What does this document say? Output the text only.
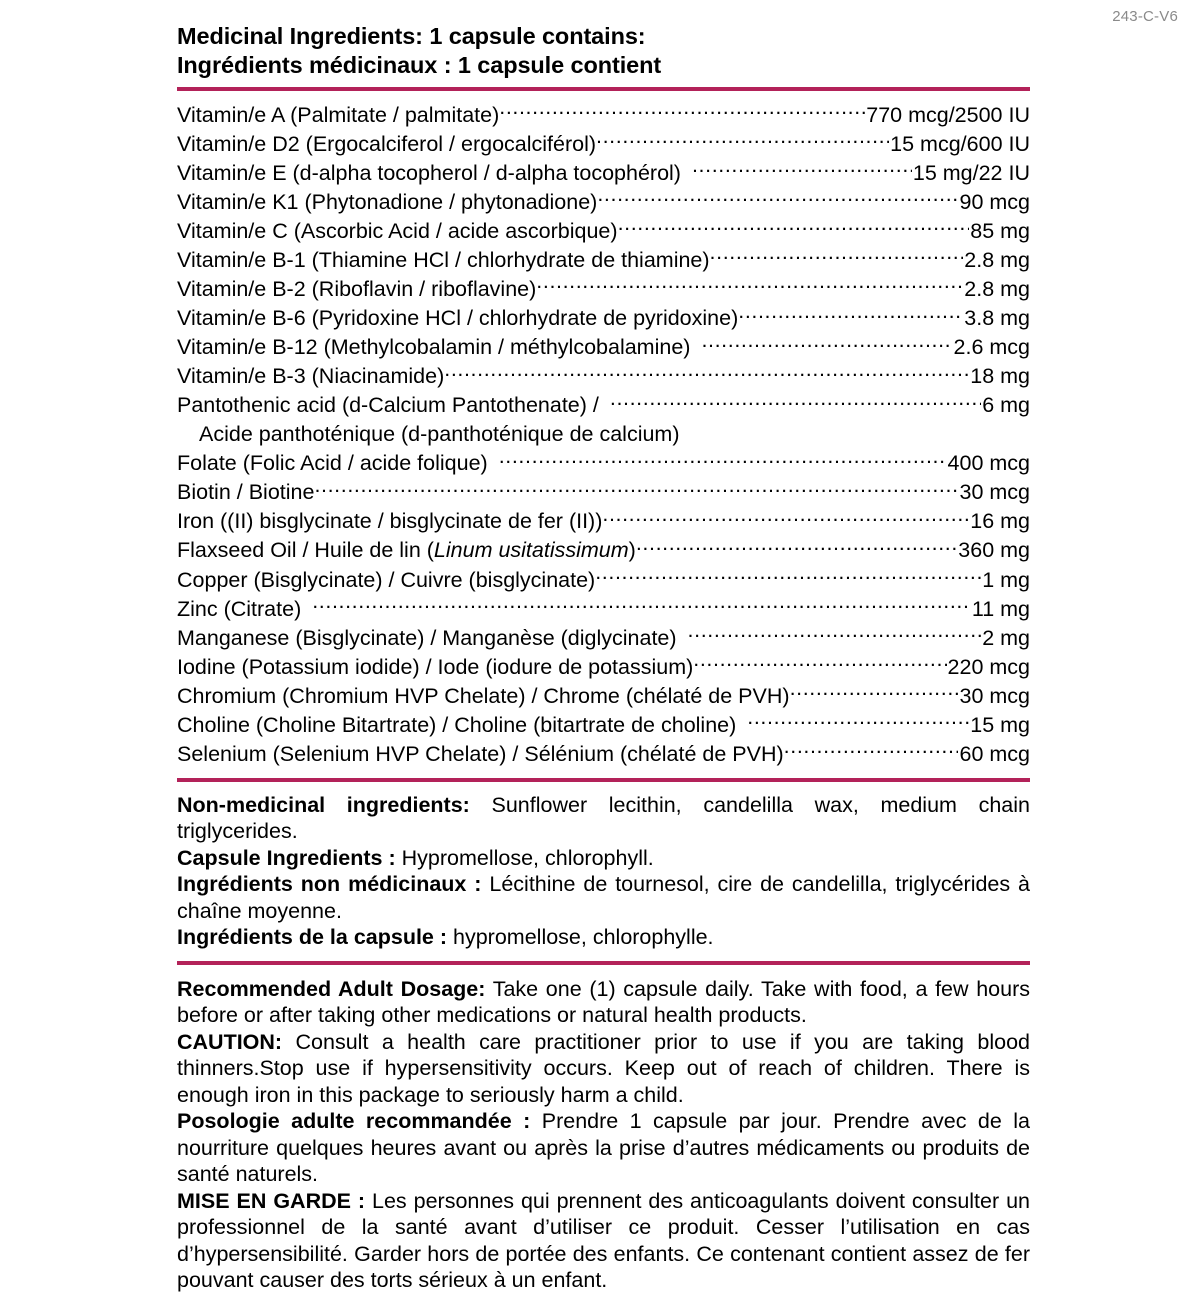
243-C-V6
Medicinal Ingredients: 1 capsule contains:
Ingrédients médicinaux : 1 capsule contient
Vitamin/e A (Palmitate / palmitate) .....	770 mcg/2500 IU
Vitamin/e D2 (Ergocalciferol / ergocalciférol) .....	15 mcg/600 IU
Vitamin/e E (d-alpha tocopherol / d-alpha tocophérol) .....	15 mg/22 IU
Vitamin/e K1 (Phytonadione / phytonadione) .....	90 mcg
Vitamin/e C (Ascorbic Acid / acide ascorbique) .....	85 mg
Vitamin/e B-1 (Thiamine HCl / chlorhydrate de thiamine) .....	2.8 mg
Vitamin/e B-2 (Riboflavin / riboflavine) .....	2.8 mg
Vitamin/e B-6 (Pyridoxine HCl / chlorhydrate de pyridoxine) .....	3.8 mg
Vitamin/e B-12 (Methylcobalamin / méthylcobalamine) .....	2.6 mcg
Vitamin/e B-3 (Niacinamide) .....	18 mg
Pantothenic acid (d-Calcium Pantothenate) / .....	6 mg
Acide panthoténique (d-panthoténique de calcium)
Folate (Folic Acid / acide folique) .....	400 mcg
Biotin / Biotine .....	30 mcg
Iron ((II) bisglycinate / bisglycinate de fer (II)) .....	16 mg
Flaxseed Oil / Huile de lin (Linum usitatissimum) .....	360 mg
Copper (Bisglycinate) / Cuivre (bisglycinate) .....	1 mg
Zinc (Citrate) .....	11 mg
Manganese (Bisglycinate) / Manganèse (diglycinate) .....	2 mg
Iodine (Potassium iodide) / Iode (iodure de potassium) .....	220 mcg
Chromium (Chromium HVP Chelate) / Chrome (chélaté de PVH) .....	30 mcg
Choline (Choline Bitartrate) / Choline (bitartrate de choline) .....	15 mg
Selenium (Selenium HVP Chelate) / Sélénium (chélaté de PVH) .....	60 mcg
Non-medicinal ingredients: Sunflower lecithin, candelilla wax, medium chain triglycerides.
Capsule Ingredients : Hypromellose, chlorophyll.
Ingrédients non médicinaux : Lécithine de tournesol, cire de candelilla, triglycérides à chaîne moyenne.
Ingrédients de la capsule : hypromellose, chlorophylle.
Recommended Adult Dosage: Take one (1) capsule daily. Take with food, a few hours before or after taking other medications or natural health products.
CAUTION: Consult a health care practitioner prior to use if you are taking blood thinners.Stop use if hypersensitivity occurs. Keep out of reach of children. There is enough iron in this package to seriously harm a child.
Posologie adulte recommandée : Prendre 1 capsule par jour. Prendre avec de la nourriture quelques heures avant ou après la prise d’autres médicaments ou produits de santé naturels.
MISE EN GARDE : Les personnes qui prennent des anticoagulants doivent consulter un professionnel de la santé avant d’utiliser ce produit. Cesser l’utilisation en cas d’hypersensibilité. Garder hors de portée des enfants. Ce contenant contient assez de fer pouvant causer des torts sérieux à un enfant.
